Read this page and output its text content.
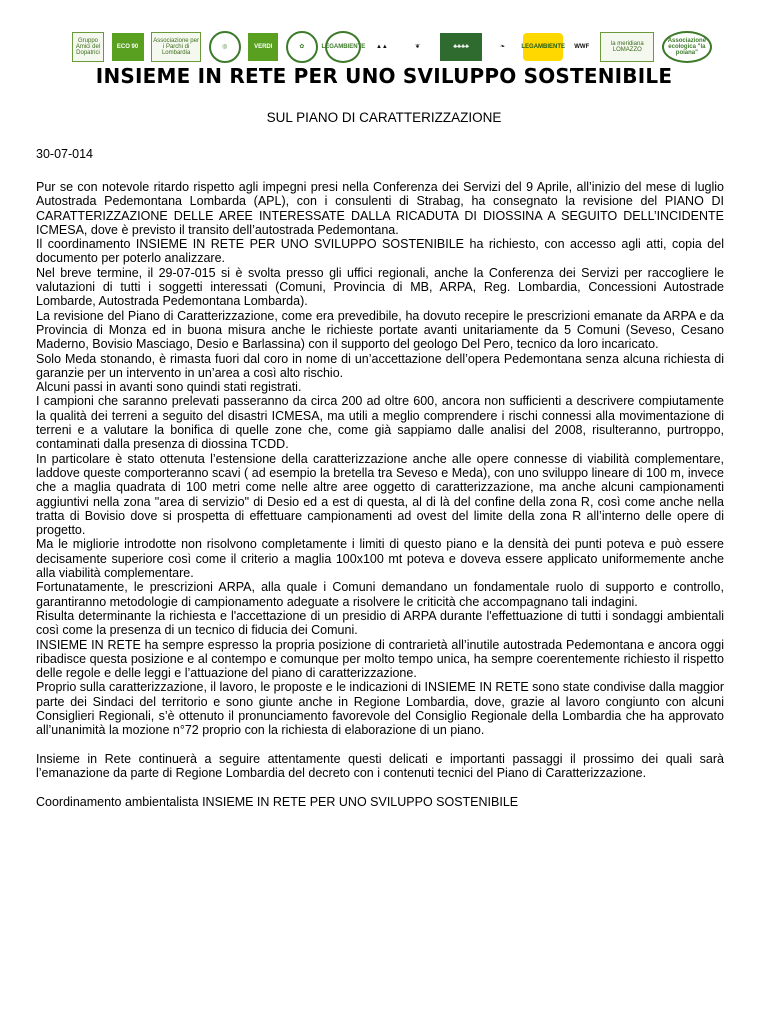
Gruppo Amici del Dopatrici
ECO 90
Associazione per i Parchi di Lombardia
◎	VERDI	✿	LEGAMBIENTE	▲▲	❦	♣♣♣♣	❧	LEGAMBIENTE	WWF	la meridiana LOMAZZO
Associazione ecologica "la poiana"
INSIEME IN RETE PER UNO SVILUPPO SOSTENIBILE
SUL PIANO DI CARATTERIZZAZIONE
30-07-014

Pur se con notevole ritardo rispetto agli impegni presi nella Conferenza dei Servizi del 9 Aprile, all’inizio del mese di luglio Autostrada Pedemontana Lombarda (APL), con i consulenti di Strabag, ha consegnato la revisione del PIANO DI CARATTERIZZAZIONE DELLE AREE INTERESSATE DALLA RICADUTA DI DIOSSINA A SEGUITO DELL’INCIDENTE ICMESA, dove è previsto il transito dell’autostrada Pedemontana.

Il coordinamento INSIEME IN RETE PER UNO SVILUPPO SOSTENIBILE ha richiesto, con accesso agli atti, copia del documento per poterlo analizzare.

Nel breve termine, il 29-07-015 si è svolta presso gli uffici regionali, anche la Conferenza dei Servizi per raccogliere le valutazioni di tutti i soggetti interessati (Comuni, Provincia di MB, ARPA, Reg. Lombardia, Concessioni Autostrade Lombarde, Autostrada Pedemontana Lombarda).

La revisione del Piano di Caratterizzazione, come era prevedibile, ha dovuto recepire le prescrizioni emanate da ARPA e da Provincia di Monza ed in buona misura anche le richieste portate avanti unitariamente da 5 Comuni (Seveso, Cesano Maderno, Bovisio Masciago, Desio e Barlassina) con il supporto del geologo Del Pero, tecnico da loro incaricato.

Solo Meda stonando, è rimasta fuori dal coro in nome di un’accettazione dell’opera Pedemontana senza alcuna richiesta di garanzie per un intervento in un’area a così alto rischio.

Alcuni passi in avanti sono quindi stati registrati.

I campioni che saranno prelevati passeranno da circa 200 ad oltre 600, ancora non sufficienti a descrivere compiutamente la qualità dei terreni a seguito del disastri ICMESA, ma utili a meglio comprendere i rischi connessi alla movimentazione di terreni e a valutare la bonifica di quelle zone che, come già sappiamo dalle analisi del 2008, risulteranno, purtroppo, contaminati dalla presenza di diossina TCDD.

In particolare è stato ottenuta l’estensione della caratterizzazione anche alle opere connesse di viabilità complementare, laddove queste comporteranno scavi ( ad esempio la bretella tra Seveso e Meda), con uno sviluppo lineare di 100 m, invece che a maglia quadrata di 100 metri come nelle altre aree oggetto di caratterizzazione, ma anche alcuni campionamenti aggiuntivi nella zona "area di servizio" di Desio ed a est di questa, al di là del confine della zona R, così come anche nella tratta di Bovisio dove si prospetta di effettuare campionamenti ad ovest del limite della zona R all’interno delle opere di progetto.

Ma le migliorie introdotte non risolvono completamente i limiti di questo piano e la densità dei punti poteva e può essere decisamente superiore così come il criterio a maglia 100x100 mt poteva e doveva essere applicato uniformemente anche alla viabilità complementare.

Fortunatamente, le prescrizioni ARPA, alla quale i Comuni demandano un fondamentale ruolo di supporto e controllo, garantiranno metodologie di campionamento adeguate a risolvere le criticità che accompagnano tali indagini.

Risulta determinante la richiesta e l'accettazione di un presidio di ARPA durante l'effettuazione di tutti i sondaggi ambientali così come la presenza di un tecnico di fiducia dei Comuni.

INSIEME IN RETE ha sempre espresso la propria posizione di contrarietà all’inutile autostrada Pedemontana e ancora oggi ribadisce questa posizione e al contempo e comunque per molto tempo unica, ha sempre coerentemente richiesto il rispetto delle regole e delle leggi e l’attuazione del piano di caratterizzazione.

Proprio sulla caratterizzazione, il lavoro, le proposte e le indicazioni di INSIEME IN RETE sono state condivise dalla maggior parte dei Sindaci del territorio e sono giunte anche in Regione Lombardia, dove, grazie al lavoro congiunto con alcuni Consiglieri Regionali, s’è ottenuto il pronunciamento favorevole del Consiglio Regionale della Lombardia che ha approvato all’unanimità la mozione n°72 proprio con la richiesta di elaborazione di un piano.

Insieme in Rete continuerà a seguire attentamente questi delicati e importanti passaggi il prossimo dei quali sarà l’emanazione da parte di Regione Lombardia del decreto con i contenuti tecnici del Piano di Caratterizzazione.

Coordinamento ambientalista INSIEME IN RETE PER UNO SVILUPPO SOSTENIBILE
